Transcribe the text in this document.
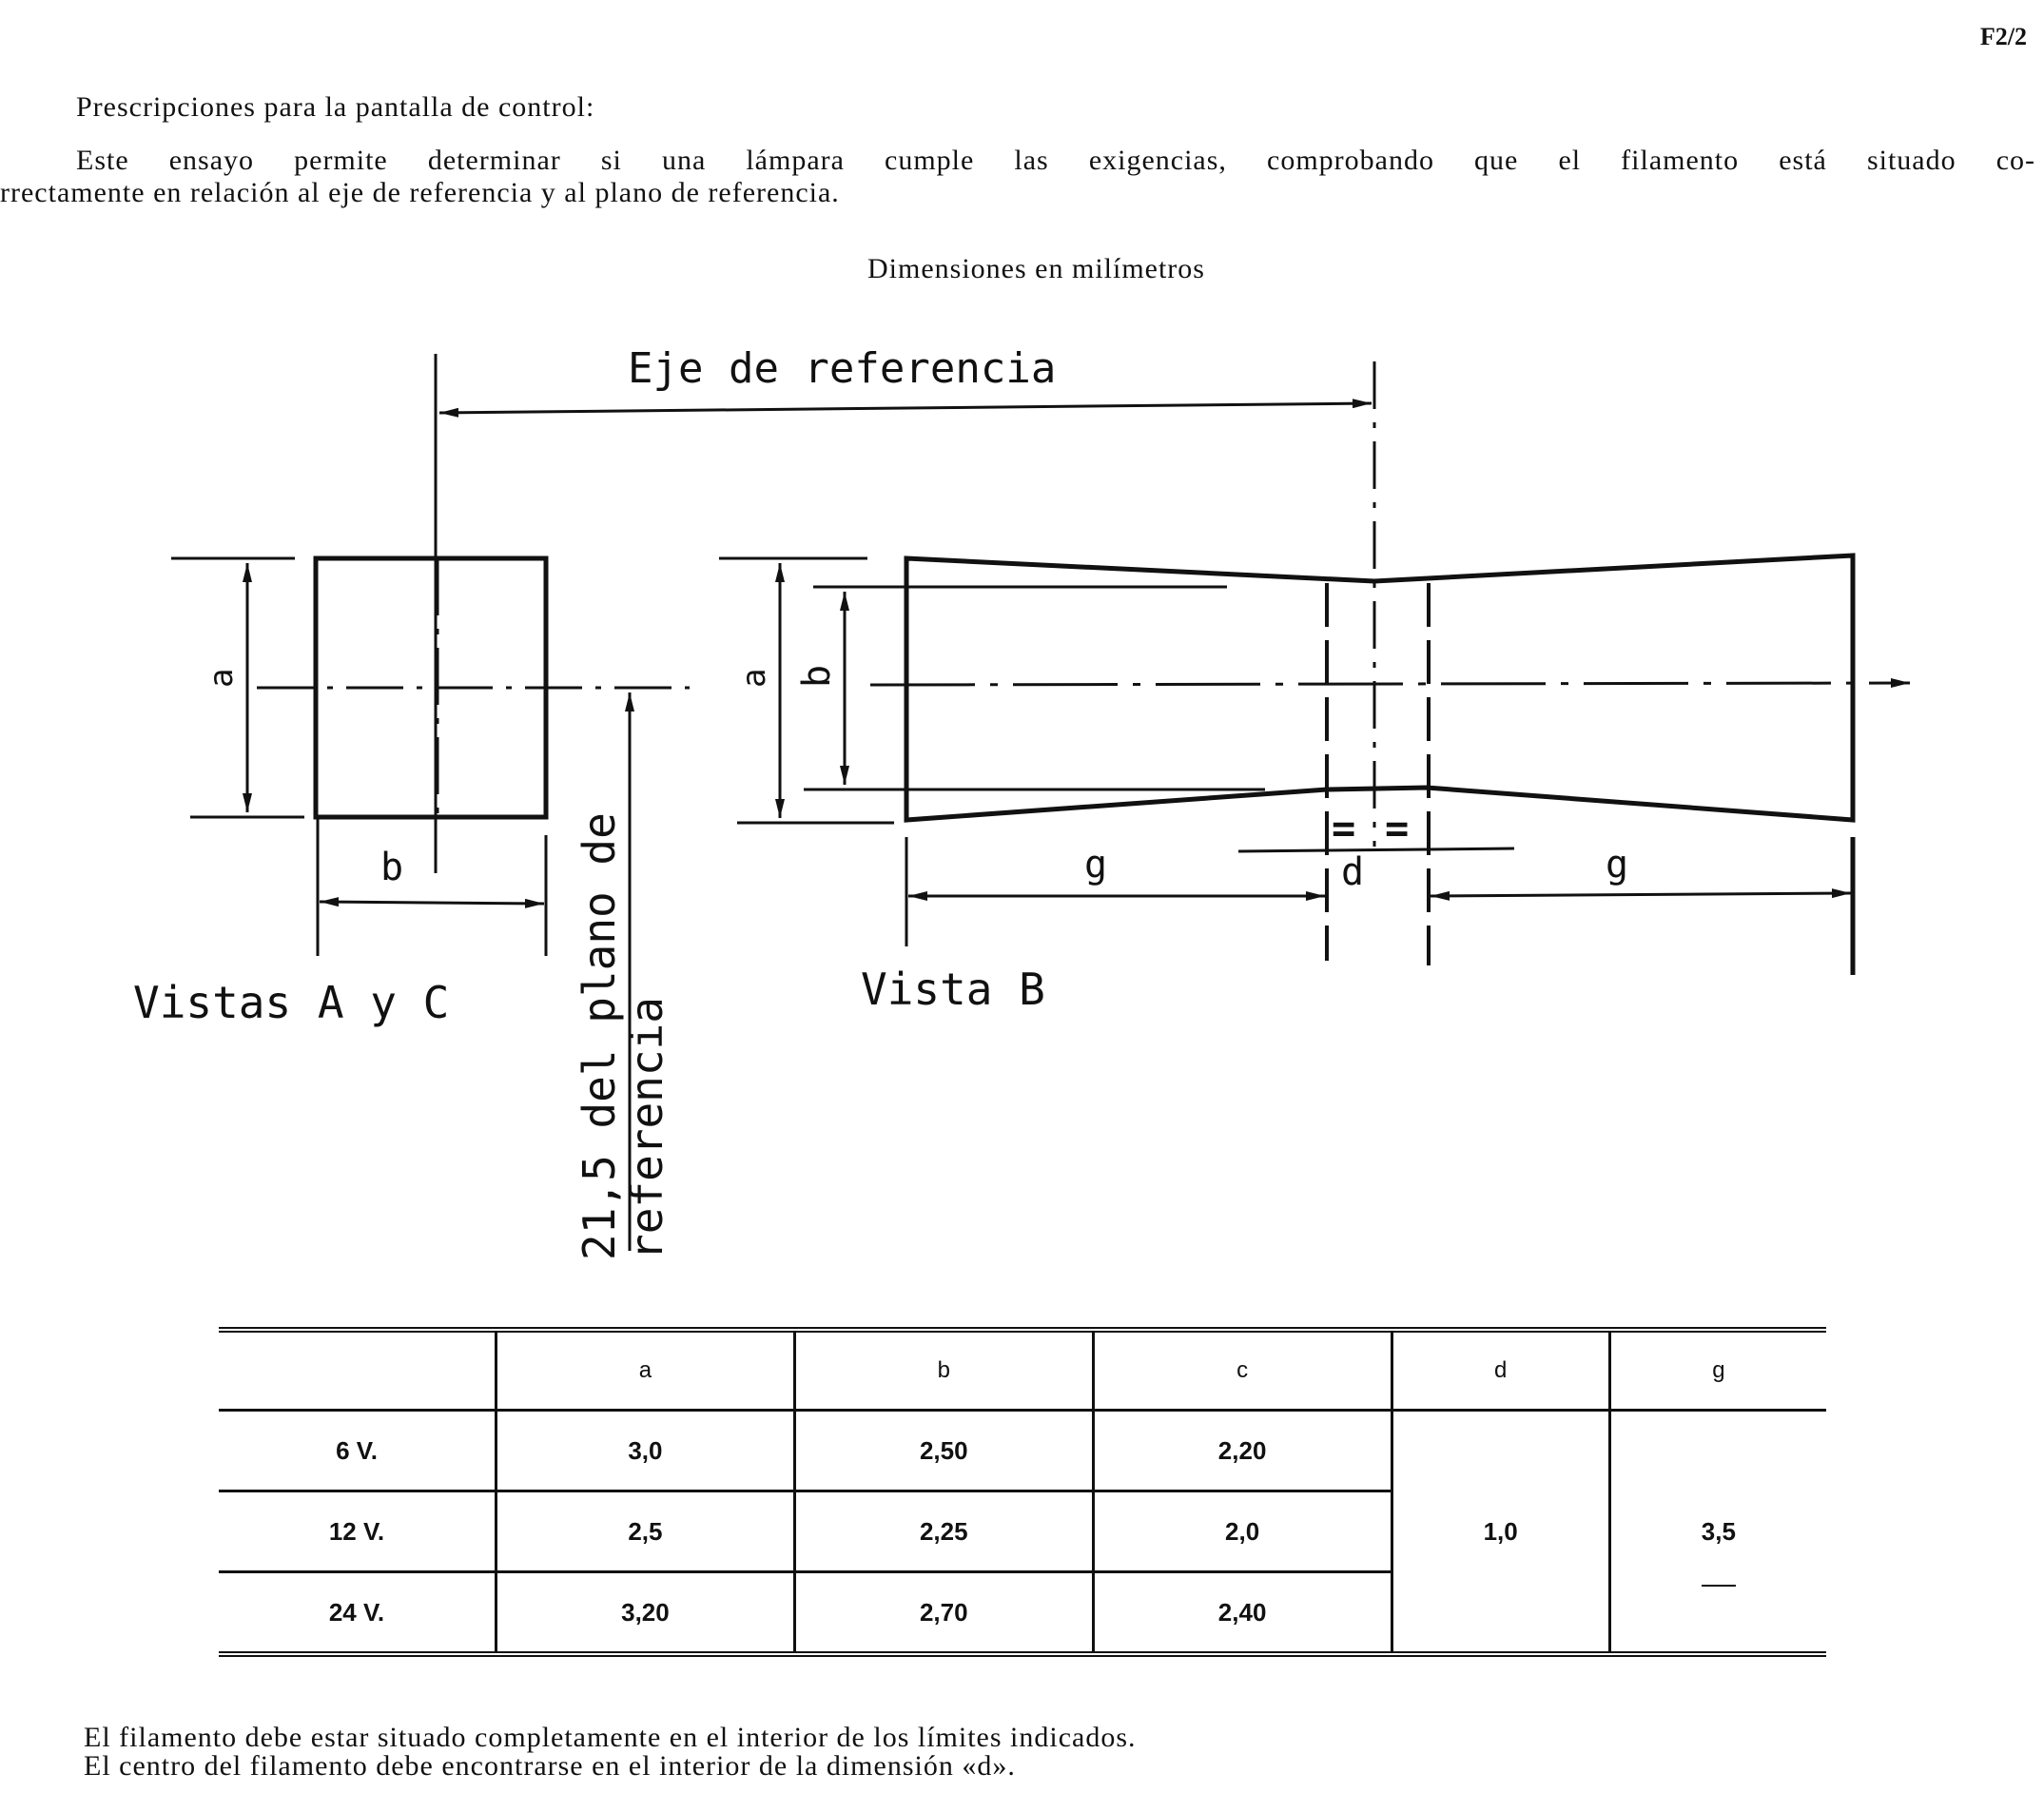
F2/2
Prescripciones para la pantalla de control:

Este ensayo permite determinar si una lámpara cumple las exigencias, comprobando que el filamento está situado co-

rrectamente en relación al eje de referencia y al plano de referencia.

Dimensiones en milímetros
Eje de referencia
a
b
Vistas A y C	21,5 del plano de
referencia
a b
= =
d
g	g
Vista B
	a	b	c	d	g
6 V.	3,0	2,50	2,20	1,0	3,5
12 V.	2,5	2,25	2,0		
24 V.	3,20	2,70	2,40		

El filamento debe estar situado completamente en el interior de los límites indicados.

El centro del filamento debe encontrarse en el interior de la dimensión «d».
